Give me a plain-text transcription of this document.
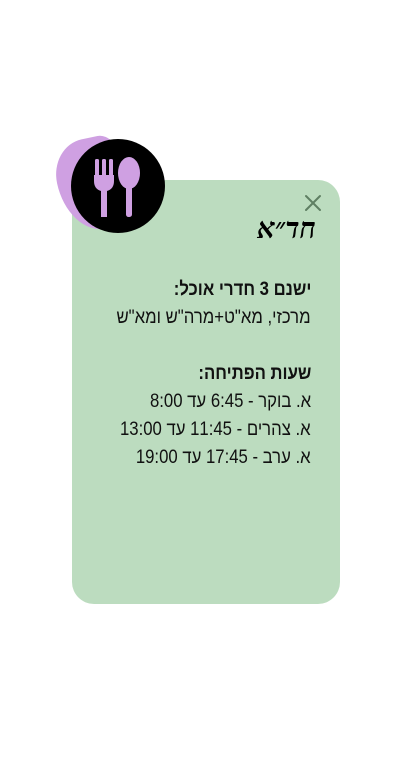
חד״א
ישנם 3 חדרי אוכל:
מרכזי, מא"ט+מרה"ש ומא"ש
שעות הפתיחה:
א. בוקר - 6:45 עד 8:00
א. צהרים - 11:45 עד 13:00
א. ערב - 17:45 עד 19:00
